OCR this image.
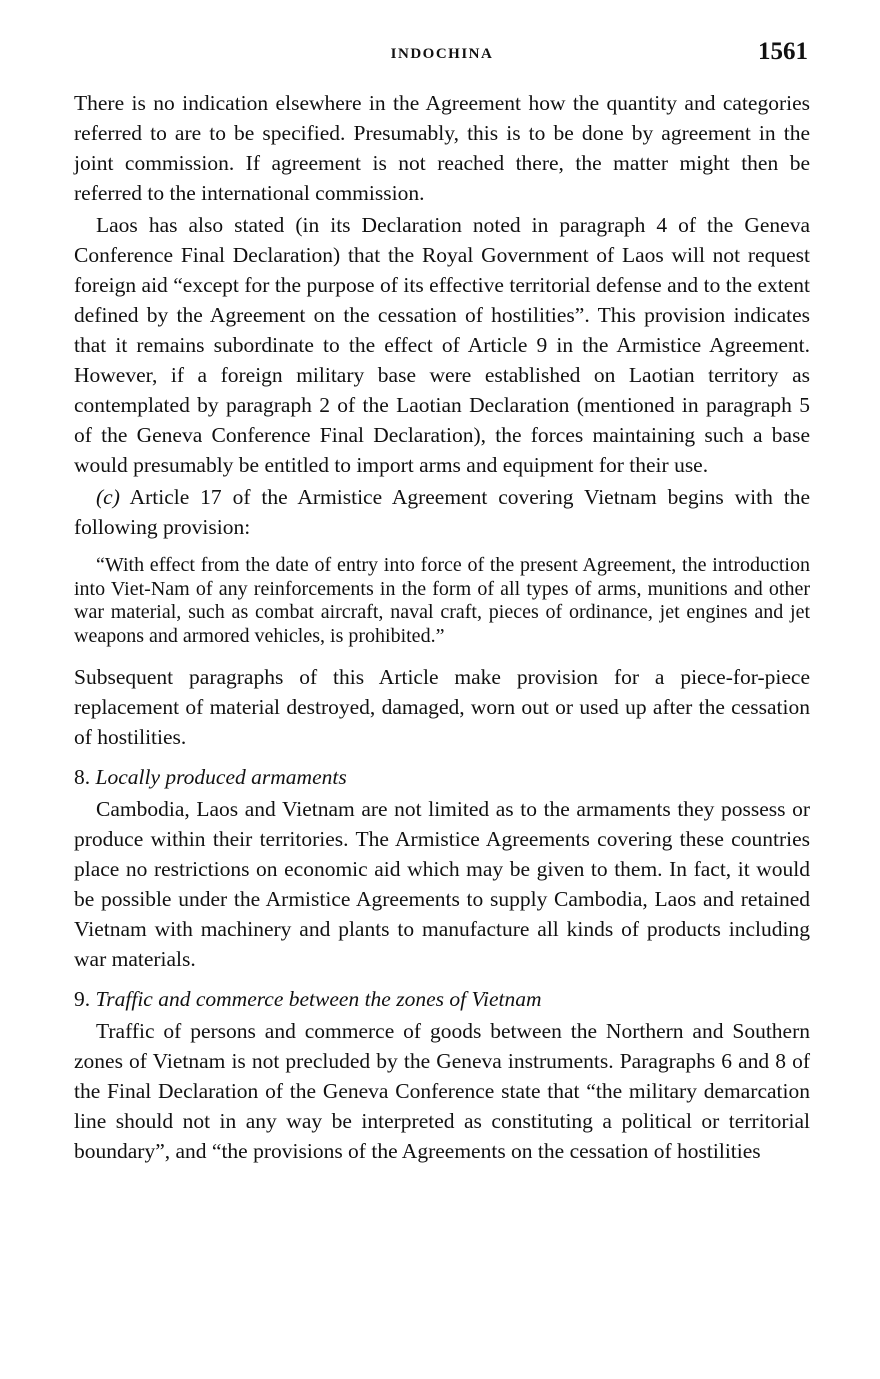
INDOCHINA	1561

There is no indication elsewhere in the Agreement how the quantity and categories referred to are to be specified. Presumably, this is to be done by agreement in the joint commission. If agreement is not reached there, the matter might then be referred to the international commission.

Laos has also stated (in its Declaration noted in paragraph 4 of the Geneva Conference Final Declaration) that the Royal Government of Laos will not request foreign aid “except for the purpose of its effective territorial defense and to the extent defined by the Agreement on the cessation of hostilities”. This provision indicates that it remains subordinate to the effect of Article 9 in the Armistice Agreement. However, if a foreign military base were established on Laotian territory as contemplated by paragraph 2 of the Laotian Declaration (mentioned in paragraph 5 of the Geneva Conference Final Declaration), the forces maintaining such a base would presumably be entitled to import arms and equipment for their use.

(c) Article 17 of the Armistice Agreement covering Vietnam begins with the following provision:

“With effect from the date of entry into force of the present Agreement, the introduction into Viet-Nam of any reinforcements in the form of all types of arms, munitions and other war material, such as combat aircraft, naval craft, pieces of ordinance, jet engines and jet weapons and armored vehicles, is prohibited.”

Subsequent paragraphs of this Article make provision for a piece-for-piece replacement of material destroyed, damaged, worn out or used up after the cessation of hostilities.

8. Locally produced armaments

Cambodia, Laos and Vietnam are not limited as to the armaments they possess or produce within their territories. The Armistice Agreements covering these countries place no restrictions on economic aid which may be given to them. In fact, it would be possible under the Armistice Agreements to supply Cambodia, Laos and retained Vietnam with machinery and plants to manufacture all kinds of products including war materials.

9. Traffic and commerce between the zones of Vietnam

Traffic of persons and commerce of goods between the Northern and Southern zones of Vietnam is not precluded by the Geneva instruments. Paragraphs 6 and 8 of the Final Declaration of the Geneva Conference state that “the military demarcation line should not in any way be interpreted as constituting a political or territorial boundary”, and “the provisions of the Agreements on the cessation of hostilities
